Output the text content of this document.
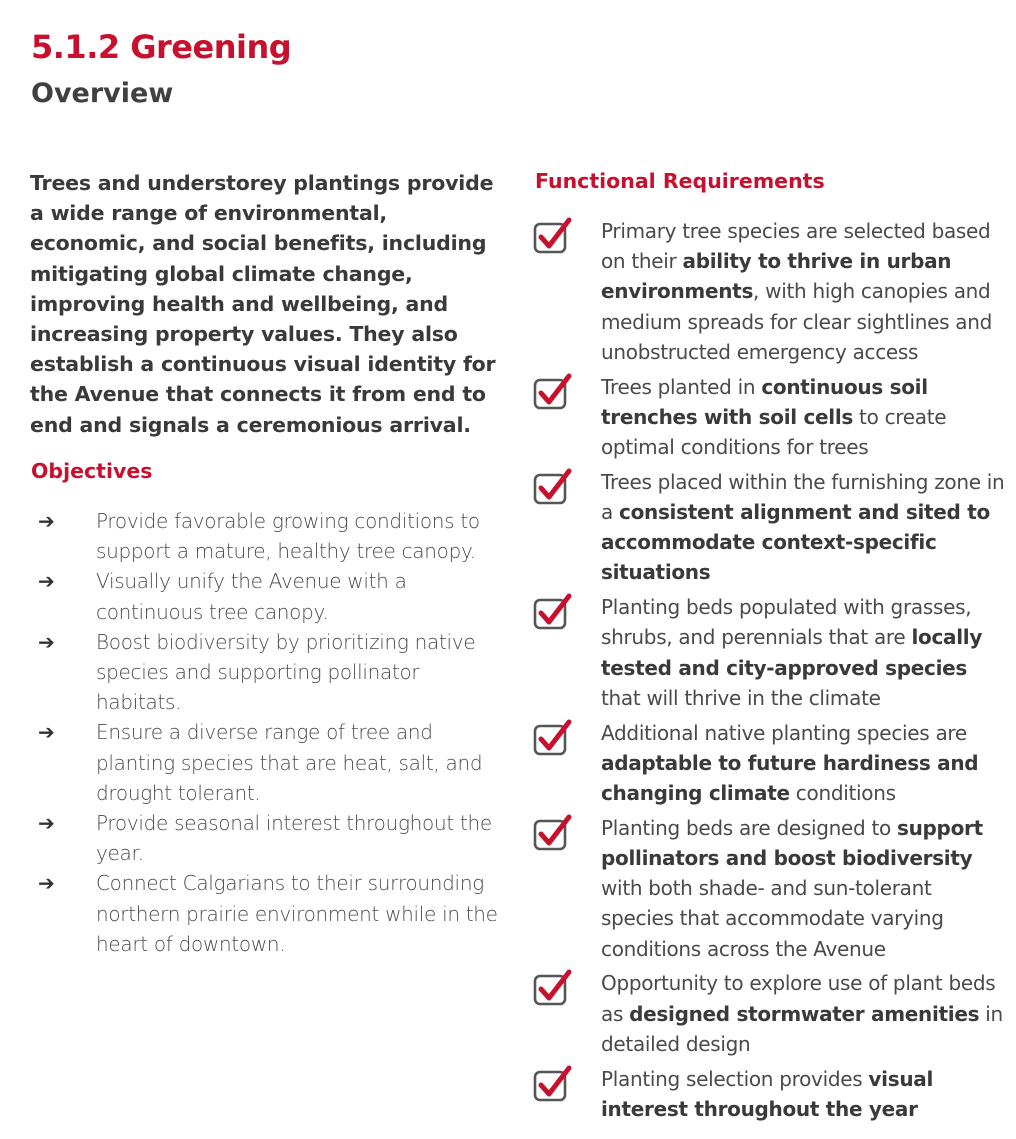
5.1.2 Greening
Overview

Trees and understorey plantings provide a wide range of environmental, economic, and social benefits, including mitigating global climate change, improving health and wellbeing, and increasing property values. They also establish a continuous visual identity for the Avenue that connects it from end to end and signals a ceremonious arrival.

Objectives
➔	Provide favorable growing conditions to support a mature, healthy tree canopy.
➔	Visually unify the Avenue with a continuous tree canopy.
➔	Boost biodiversity by prioritizing native species and supporting pollinator habitats.
➔	Ensure a diverse range of tree and planting species that are heat, salt, and drought tolerant.
➔	Provide seasonal interest throughout the year.
➔	Connect Calgarians to their surrounding northern prairie environment while in the heart of downtown.
Functional Requirements
Primary tree species are selected based on their ability to thrive in urban environments, with high canopies and medium spreads for clear sightlines and unobstructed emergency access
Trees planted in continuous soil trenches with soil cells to create optimal conditions for trees
Trees placed within the furnishing zone in a consistent alignment and sited to accommodate context-specific situations
Planting beds populated with grasses, shrubs, and perennials that are locally tested and city-approved species that will thrive in the climate
Additional native planting species are adaptable to future hardiness and changing climate conditions
Planting beds are designed to support pollinators and boost biodiversity with both shade- and sun-tolerant species that accommodate varying conditions across the Avenue
Opportunity to explore use of plant beds as designed stormwater amenities in detailed design
Planting selection provides visual interest throughout the year
